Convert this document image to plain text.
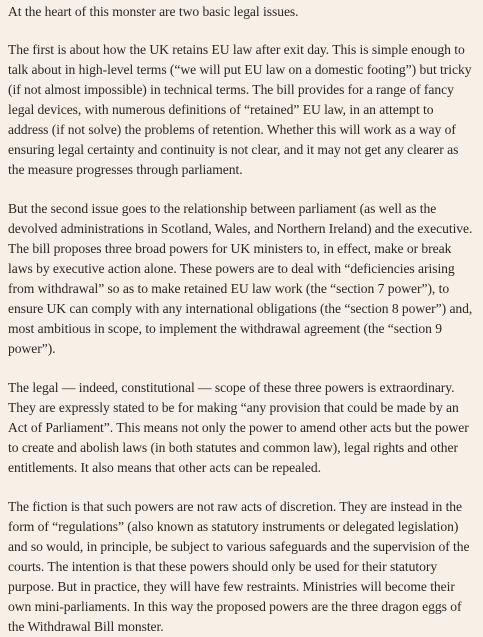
At the heart of this monster are two basic legal issues.

The first is about how the UK retains EU law after exit day. This is simple enough to talk about in high-level terms (“we will put EU law on a domestic footing”) but tricky (if not almost impossible) in technical terms. The bill provides for a range of fancy legal devices, with numerous definitions of “retained” EU law, in an attempt to address (if not solve) the problems of retention. Whether this will work as a way of ensuring legal certainty and continuity is not clear, and it may not get any clearer as the measure progresses through parliament.

But the second issue goes to the relationship between parliament (as well as the devolved administrations in Scotland, Wales, and Northern Ireland) and the executive. The bill proposes three broad powers for UK ministers to, in effect, make or break laws by executive action alone. These powers are to deal with “deficiencies arising from withdrawal” so as to make retained EU law work (the “section 7 power”), to ensure UK can comply with any international obligations (the “section 8 power”) and, most ambitious in scope, to implement the withdrawal agreement (the “section 9 power”).

The legal — indeed, constitutional — scope of these three powers is extraordinary. They are expressly stated to be for making “any provision that could be made by an Act of Parliament”. This means not only the power to amend other acts but the power to create and abolish laws (in both statutes and common law), legal rights and other entitlements. It also means that other acts can be repealed.

The fiction is that such powers are not raw acts of discretion. They are instead in the form of “regulations” (also known as statutory instruments or delegated legislation) and so would, in principle, be subject to various safeguards and the supervision of the courts. The intention is that these powers should only be used for their statutory purpose. But in practice, they will have few restraints. Ministries will become their own mini-parliaments. In this way the proposed powers are the three dragon eggs of the Withdrawal Bill monster.
